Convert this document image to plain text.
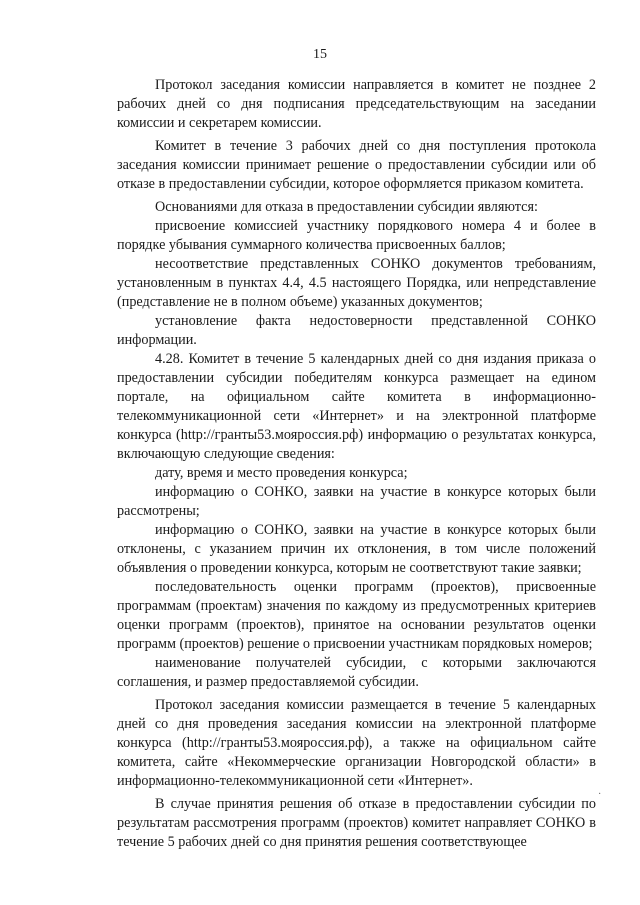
15

Протокол заседания комиссии направляется в комитет не позднее 2 рабочих дней со дня подписания председательствующим на заседании комиссии и секретарем комиссии.

Комитет в течение 3 рабочих дней со дня поступления протокола заседания комиссии принимает решение о предоставлении субсидии или об отказе в предоставлении субсидии, которое оформляется приказом комитета.

Основаниями для отказа в предоставлении субсидии являются:

присвоение комиссией участнику порядкового номера 4 и более в порядке убывания суммарного количества присвоенных баллов;

несоответствие представленных СОНКО документов требованиям, установленным в пунктах 4.4, 4.5 настоящего Порядка, или непредставление (представление не в полном объеме) указанных документов;

установление факта недостоверности представленной СОНКО информации.

4.28. Комитет в течение 5 календарных дней со дня издания приказа о предоставлении субсидии победителям конкурса размещает на едином портале, на официальном сайте комитета в информационно-телекоммуникационной сети «Интернет» и на электронной платформе конкурса (http://гранты53.мояроссия.рф) информацию о результатах конкурса, включающую следующие сведения:

дату, время и место проведения конкурса;

информацию о СОНКО, заявки на участие в конкурсе которых были рассмотрены;

информацию о СОНКО, заявки на участие в конкурсе которых были отклонены, с указанием причин их отклонения, в том числе положений объявления о проведении конкурса, которым не соответствуют такие заявки;

последовательность оценки программ (проектов), присвоенные программам (проектам) значения по каждому из предусмотренных критериев оценки программ (проектов), принятое на основании результатов оценки программ (проектов) решение о присвоении участникам порядковых номеров;

наименование получателей субсидии, с которыми заключаются соглашения, и размер предоставляемой субсидии.

Протокол заседания комиссии размещается в течение 5 календарных дней со дня проведения заседания комиссии на электронной платформе конкурса (http://гранты53.мояроссия.рф), а также на официальном сайте комитета, сайте «Некоммерческие организации Новгородской области» в информационно-телекоммуникационной сети «Интернет».

В случае принятия решения об отказе в предоставлении субсидии по результатам рассмотрения программ (проектов) комитет направляет СОНКО в течение 5 рабочих дней со дня принятия решения соответствующее

·
